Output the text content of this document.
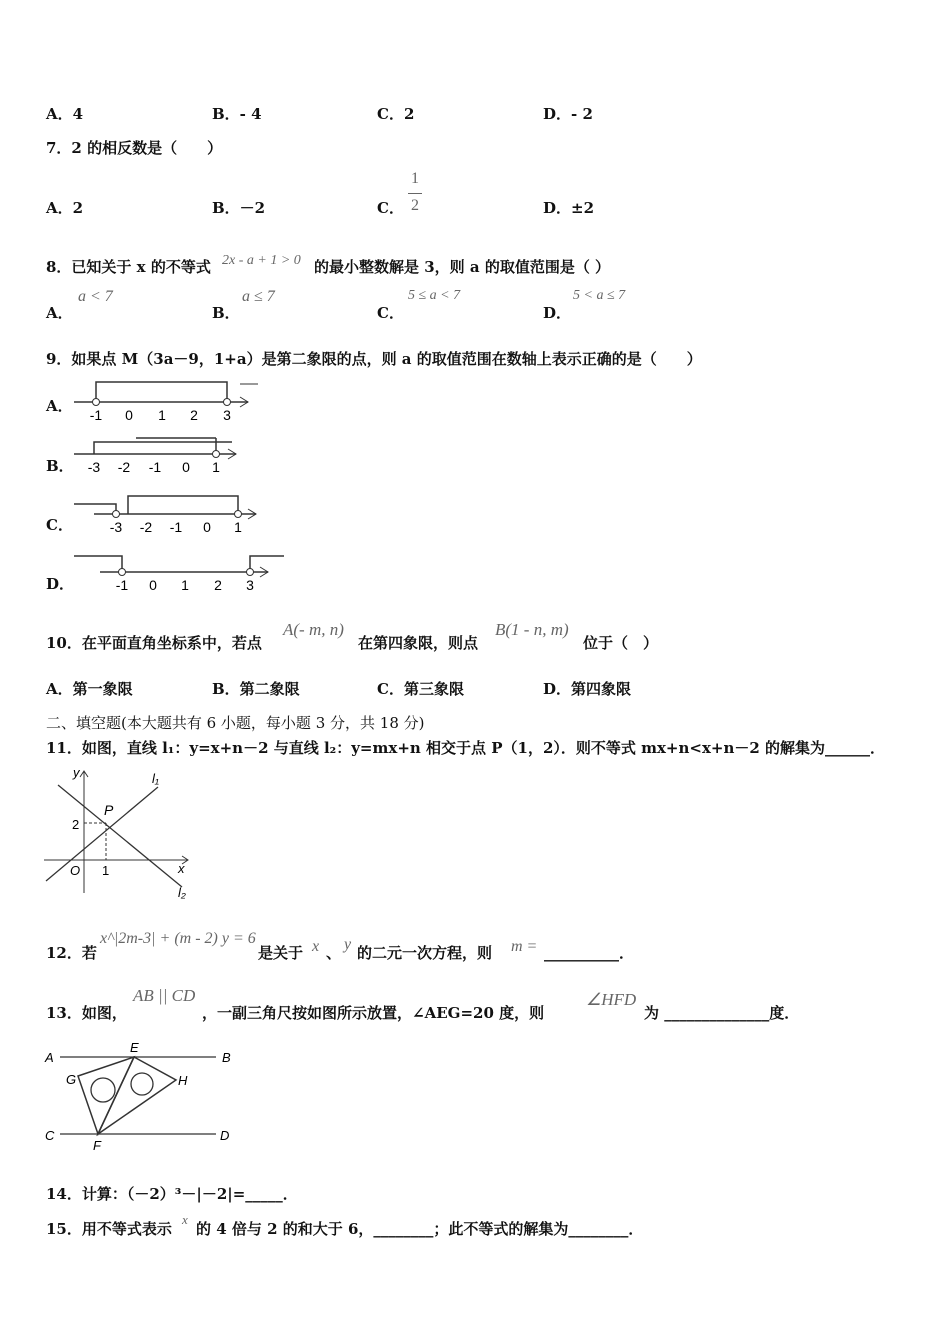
A．4	B．- 4	C．2	D．- 2
7．2 的相反数是（　　）
A．2	B．－2	C．
1
2	D．±2
8．已知关于 x 的不等式 2x - a + 1 > 0 的最小整数解是 3，则 a 的取值范围是（ ）
A．
a < 7
B．
a ≤ 7
C．
5 ≤ a < 7
D．
5 < a ≤ 7
9．如果点 M（3a－9，1+a）是第二象限的点，则 a 的取值范围在数轴上表示正确的是（　　）
A． -1 0 1 2 3
B． -3 -2 -1 0 1
C．	-3 -2 -1 0 1
D．	-1 0 1 2 3
10．在平面直角坐标系中，若点
A(- m, n)
在第四象限，则点
B(1 - n, m)
位于（　）
A．第一象限	B．第二象限	C．第三象限	D．第四象限
二、填空题(本大题共有 6 小题，每小题 3 分，共 18 分)
11．如图，直线 l₁：y=x+n－2 与直线 l₂：y=mx+n 相交于点 P（1，2）．则不等式 mx+n<x+n－2 的解集为______．
y
x
O 1
2
P
l₁
l₂
12．若
x^|2m-3| + (m - 2) y = 6
是关于 x 、 y 的二元一次方程，则 m = __________．
13．如图，
AB || CD
，一副三角尺按如图所示放置，∠AEG=20 度，则
∠HFD
为 ______________度．
A	B
C	D
E
F
G	H
14．计算：（－2）³－|－2|=_____．
15．用不等式表示
x
的 4 倍与 2 的和大于 6，________；此不等式的解集为________．
